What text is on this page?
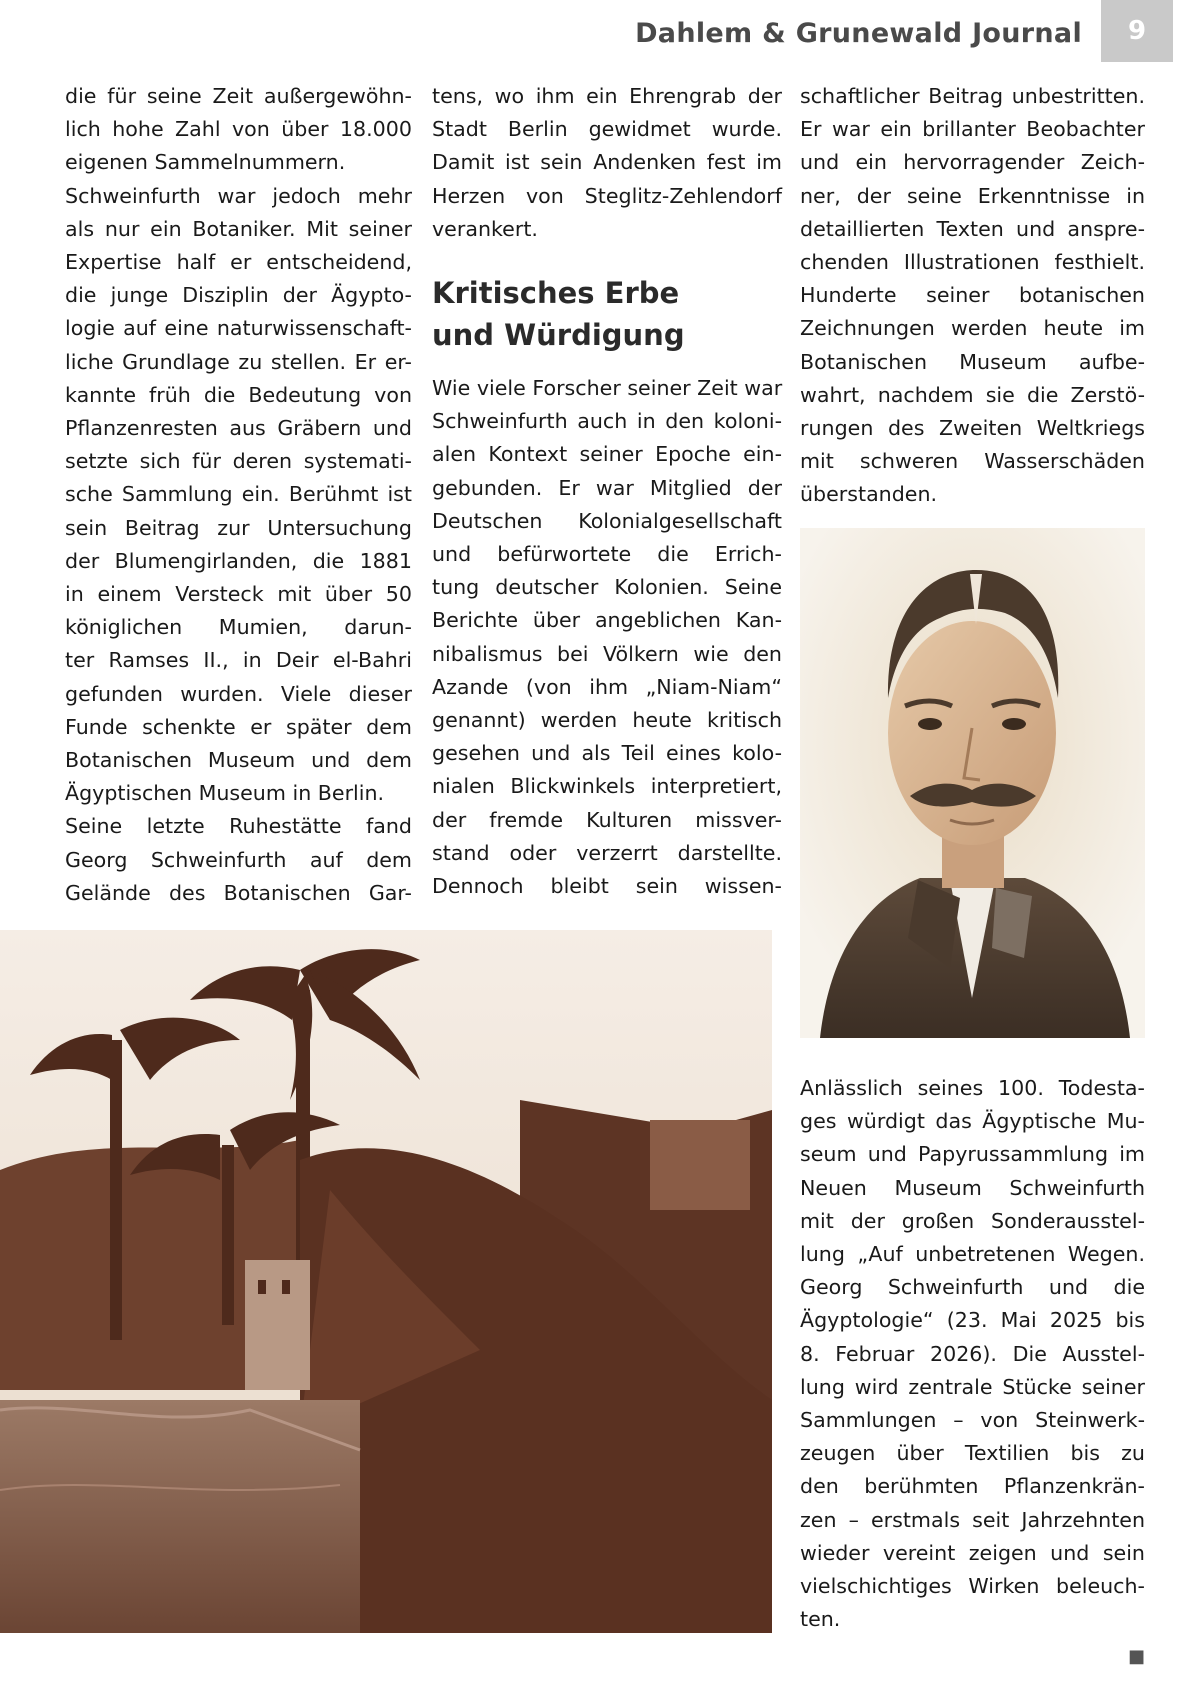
Dahlem & Grunewald Journal	9
die für seine Zeit außergewöhn-
lich hohe Zahl von über 18.000
eigenen Sammelnummern.
Schweinfurth war jedoch mehr
als nur ein Botaniker. Mit seiner
Expertise half er entscheidend,
die junge Disziplin der Ägypto-
logie auf eine naturwissenschaft-
liche Grundlage zu stellen. Er er-
kannte früh die Bedeutung von
Pflanzenresten aus Gräbern und
setzte sich für deren systemati-
sche Sammlung ein. Berühmt ist
sein Beitrag zur Untersuchung
der Blumengirlanden, die 1881
in einem Versteck mit über 50
königlichen Mumien, darun-
ter Ramses II., in Deir el-Bahri
gefunden wurden. Viele dieser
Funde schenkte er später dem
Botanischen Museum und dem
Ägyptischen Museum in Berlin.
Seine letzte Ruhestätte fand
Georg Schweinfurth auf dem
Gelände des Botanischen Gar-
tens, wo ihm ein Ehrengrab der
Stadt Berlin gewidmet wurde.
Damit ist sein Andenken fest im
Herzen von Steglitz-Zehlendorf
verankert.
Kritisches Erbe
und Würdigung
Wie viele Forscher seiner Zeit war
Schweinfurth auch in den koloni-
alen Kontext seiner Epoche ein-
gebunden. Er war Mitglied der
Deutschen Kolonialgesellschaft
und befürwortete die Errich-
tung deutscher Kolonien. Seine
Berichte über angeblichen Kan-
nibalismus bei Völkern wie den
Azande (von ihm „Niam-Niam“
genannt) werden heute kritisch
gesehen und als Teil eines kolo-
nialen Blickwinkels interpretiert,
der fremde Kulturen missver-
stand oder verzerrt darstellte.
Dennoch bleibt sein wissen-
schaftlicher Beitrag unbestritten.
Er war ein brillanter Beobachter
und ein hervorragender Zeich-
ner, der seine Erkenntnisse in
detaillierten Texten und anspre-
chenden Illustrationen festhielt.
Hunderte seiner botanischen
Zeichnungen werden heute im
Botanischen Museum aufbe-
wahrt, nachdem sie die Zerstö-
rungen des Zweiten Weltkriegs
mit schweren Wasserschäden
überstanden.
Anlässlich seines 100. Todesta-
ges würdigt das Ägyptische Mu-
seum und Papyrussammlung im
Neuen Museum Schweinfurth
mit der großen Sonderausstel-
lung „Auf unbetretenen Wegen.
Georg Schweinfurth und die
Ägyptologie“ (23. Mai 2025 bis
8. Februar 2026). Die Ausstel-
lung wird zentrale Stücke seiner
Sammlungen – von Steinwerk-
zeugen über Textilien bis zu
den berühmten Pflanzenkrän-
zen – erstmals seit Jahrzehnten
wieder vereint zeigen und sein
vielschichtiges Wirken beleuch-
ten.
■
